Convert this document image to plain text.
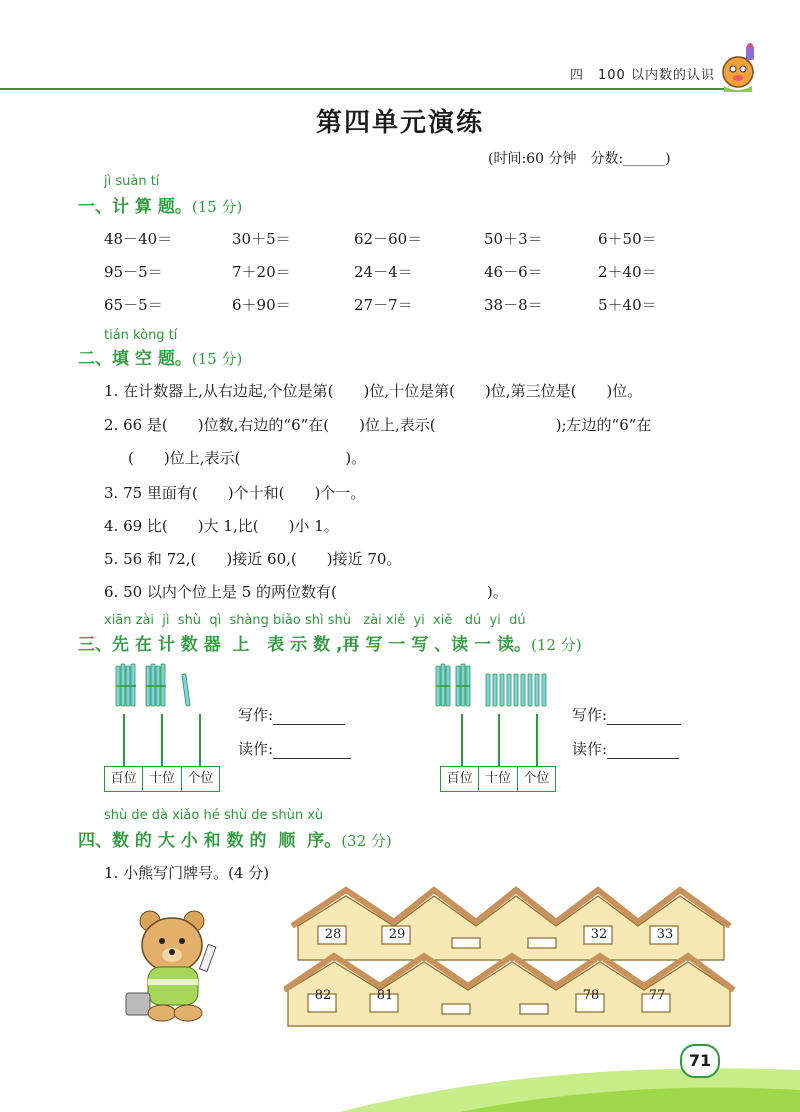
四　100 以内数的认识
第四单元演练
(时间:60 分钟　分数:______)
jì suàn tí
一、计 算 题。(15 分)
48－40＝	30＋5＝	62－60＝	50＋3＝	6＋50＝
95－5＝	7＋20＝	24－4＝	46－6＝	2＋40＝
65－5＝	6＋90＝	27－7＝	38－8＝	5＋40＝
tián kòng tí
二、填 空 题。(15 分)
1. 在计数器上,从右边起,个位是第(　　)位,十位是第(　　)位,第三位是(　　)位。
2. 66 是(　　)位数,右边的“6”在(　　)位上,表示(　　　　　　　　);左边的“6”在
(　　)位上,表示(　　　　　　　)。
3. 75 里面有(　　)个十和(　　)个一。
4. 69 比(　　)大 1,比(　　)小 1。
5. 56 和 72,(　　)接近 60,(　　)接近 70。
6. 50 以内个位上是 5 的两位数有(　　　　　　　　　　)。
xiān zài  jì  shù  qì  shàng biǎo shì shù   zài xiě  yi  xiě   dú  yi  dú
三、先 在 计 数 器  上   表 示 数 ,再 写 一 写 、读 一 读。(12 分)
百位 十位 个位
写作:
读作:
百位 十位 个位
写作:
读作:
shù de dà xiǎo hé shù de shùn xù
四、数 的 大 小 和 数 的  顺  序。(32 分)
1. 小熊写门牌号。(4 分)
28	29	32	33
82	81	78	77
71
